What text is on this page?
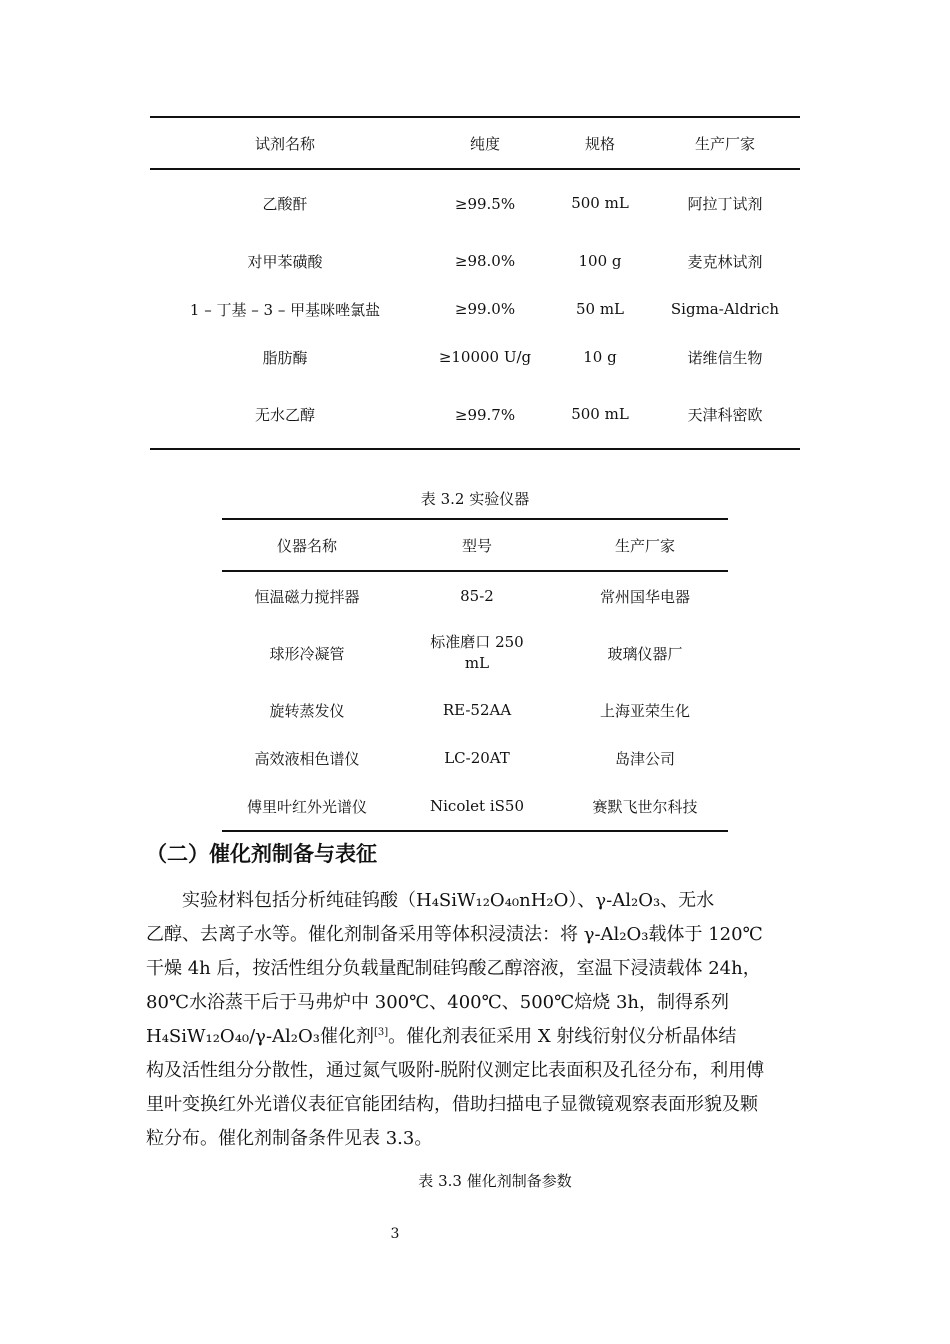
试剂名称	纯度	规格	生产厂家
乙酸酐	≥99.5%	500 mL	阿拉丁试剂
对甲苯磺酸	≥98.0%	100 g	麦克林试剂
1 – 丁基 – 3 – 甲基咪唑氯盐	≥99.0%	50 mL	Sigma-Aldrich
脂肪酶	≥10000 U/g	10 g	诺维信生物
无水乙醇	≥99.7%	500 mL	天津科密欧
表 3.2 实验仪器
仪器名称	型号	生产厂家
恒温磁力搅拌器	85-2	常州国华电器
球形冷凝管	标准磨口 250 mL	玻璃仪器厂
旋转蒸发仪	RE-52AA	上海亚荣生化
高效液相色谱仪	LC-20AT	岛津公司
傅里叶红外光谱仪	Nicolet iS50	赛默飞世尔科技
（二）催化剂制备与表征
实验材料包括分析纯硅钨酸（H₄SiW₁₂O₄₀nH₂O）、γ-Al₂O₃、无水
乙醇、去离子水等。催化剂制备采用等体积浸渍法：将 γ-Al₂O₃载体于 120℃
干燥 4h 后，按活性组分负载量配制硅钨酸乙醇溶液，室温下浸渍载体 24h，
80℃水浴蒸干后于马弗炉中 300℃、400℃、500℃焙烧 3h，制得系列
H₄SiW₁₂O₄₀/γ-Al₂O₃催化剂[3]。催化剂表征采用 X 射线衍射仪分析晶体结
构及活性组分分散性，通过氮气吸附-脱附仪测定比表面积及孔径分布，利用傅
里叶变换红外光谱仪表征官能团结构，借助扫描电子显微镜观察表面形貌及颗
粒分布。催化剂制备条件见表 3.3。
表 3.3 催化剂制备参数
3
